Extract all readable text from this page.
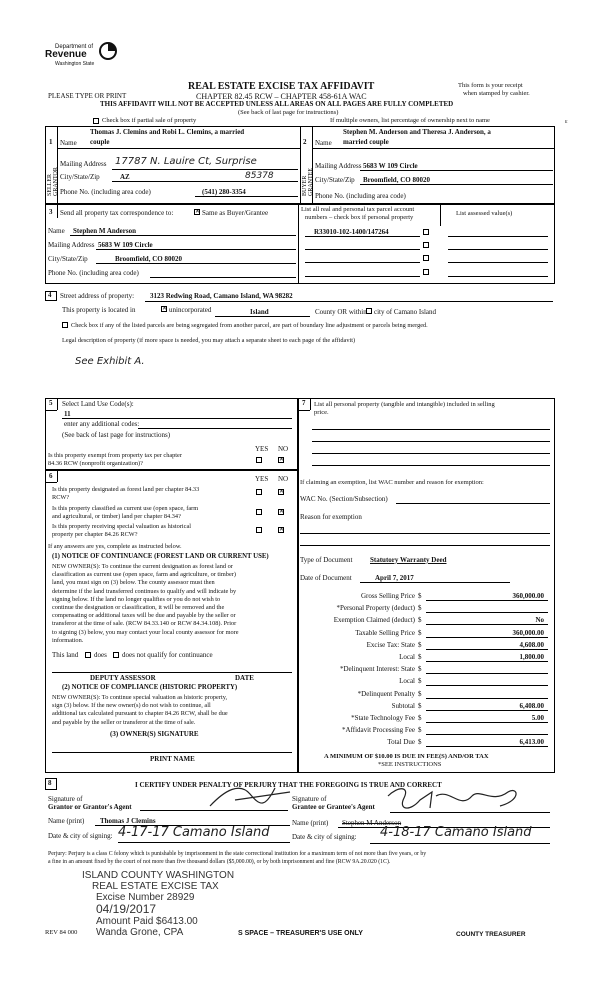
Department of
Revenue
Washington State
REAL ESTATE EXCISE TAX AFFIDAVIT
CHAPTER 82.45 RCW – CHAPTER 458-61A WAC
PLEASE TYPE OR PRINT
This form is your receipt
when stamped by cashier.
THIS AFFIDAVIT WILL NOT BE ACCEPTED UNLESS ALL AREAS ON ALL PAGES ARE FULLY COMPLETED
(See back of last page for instructions)
Check box if partial sale of property	If multiple owners, list percentage of ownership next to name	ε
1	2
Name
Thomas J. Clemins and Robi L. Clemins, a married
couple
SELLER GRANTOR
Mailing Address 17787 N. Lauire Ct, Surprise
City/State/Zip	AZ	85378
Phone No. (including area code)	(541) 280-3354
Name
Stephen M. Anderson and Theresa J. Anderson, a
married couple
BUYER GRANTEE
Mailing Address 5683 W 109 Circle
City/State/Zip Broomfield, CO 80020
Phone No. (including area code)
3 Send all property tax correspondence to:	✕ Same as Buyer/Grantee
Name Stephen M Anderson
Mailing Address 5683 W 109 Circle
City/State/Zip	Broomfield, CO 80020
Phone No. (including area code)
List all real and personal tax parcel account
numbers – check box if personal property
List assessed value(s)
R33010-102-1400/147264
4 Street address of property: 3123 Redwing Road, Camano Island, WA 98282
This property is located in	✕ unincorporated	Island	County OR within city of Camano Island
Check box if any of the listed parcels are being segregated from another parcel, are part of boundary line adjustment or parcels being merged.
Legal description of property (if more space is needed, you may attach a separate sheet to each page of the affidavit)
See Exhibit A.
5 Select Land Use Code(s):
11
enter any additional codes:
(See back of last page for instructions)
YES NO
Is this property exempt from property tax per chapter
84.36 RCW (nonprofit organization)?	✕
6	YES NO
Is this property designated as forest land per chapter 84.33
RCW?
✕
Is this property classified as current use (open space, farm
and agricultural, or timber) land per chapter 84.34?
✕
Is this property receiving special valuation as historical
property per chapter 84.26 RCW?
✕
If any answers are yes, complete as instructed below.
(1) NOTICE OF CONTINUANCE (FOREST LAND OR CURRENT USE)
NEW OWNER(S): To continue the current designation as forest land or
classification as current use (open space, farm and agriculture, or timber)
land, you must sign on (3) below. The county assessor must then
determine if the land transferred continues to qualify and will indicate by
signing below. If the land no longer qualifies or you do not wish to
continue the designation or classification, it will be removed and the
compensating or additional taxes will be due and payable by the seller or
transferor at the time of sale. (RCW 84.33.140 or RCW 84.34.108). Prior
to signing (3) below, you may contact your local county assessor for more
information.
This land does does not qualify for continuance
DEPUTY ASSESSOR	DATE
(2) NOTICE OF COMPLIANCE (HISTORIC PROPERTY)
NEW OWNER(S): To continue special valuation as historic property,
sign (3) below. If the new owner(s) do not wish to continue, all
additional tax calculated pursuant to chapter 84.26 RCW, shall be due
and payable by the seller or transferor at the time of sale.
(3) OWNER(S) SIGNATURE
PRINT NAME
7 List all personal property (tangible and intangible) included in selling
price.
If claiming an exemption, list WAC number and reason for exemption:
WAC No. (Section/Subsection)
Reason for exemption
Type of Document	Statutory Warranty Deed
Date of Document	April 7, 2017
Gross Selling Price $	360,000.00
*Personal Property (deduct) $
Exemption Claimed (deduct) $	No
Taxable Selling Price $	360,000.00
Excise Tax: State $	4,608.00
Local $	1,800.00
*Delinquent Interest: State $
Local $
*Delinquent Penalty $
Subtotal $	6,408.00
*State Technology Fee $	5.00
*Affidavit Processing Fee $
Total Due $	6,413.00
A MINIMUM OF $10.00 IS DUE IN FEE(S) AND/OR TAX
*SEE INSTRUCTIONS
8	I CERTIFY UNDER PENALTY OF PERJURY THAT THE FOREGOING IS TRUE AND CORRECT
Signature of
Grantor or Grantor's Agent
Signature of
Grantee or Grantee's Agent
Name (print) Thomas J Clemins	Name (print) Stephen M Anderson
Date & city of signing: 4-17-17 Camano Island	Date & city of signing: 4-18-17 Camano Island
Perjury: Perjury is a class C felony which is punishable by imprisonment in the state correctional institution for a maximum term of not more than five years, or by
a fine in an amount fixed by the court of not more than five thousand dollars ($5,000.00), or by both imprisonment and fine (RCW 9A.20.020 (1C).
ISLAND COUNTY WASHINGTON
REAL ESTATE EXCISE TAX
Excise Number 28929
04/19/2017
Amount Paid $6413.00
Wanda Grone, CPA
REV 84 000	S SPACE – TREASURER'S USE ONLY	COUNTY TREASURER
